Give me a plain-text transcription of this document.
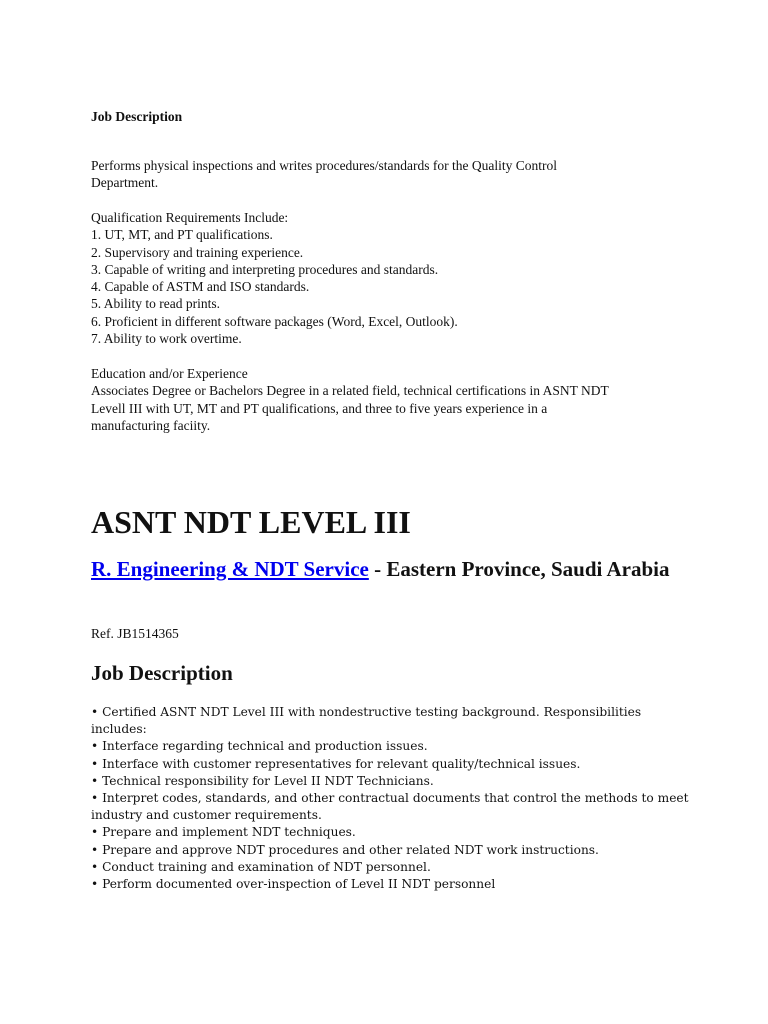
Job Description
Performs physical inspections and writes procedures/standards for the Quality Control
Department.
Qualification Requirements Include:
1. UT, MT, and PT qualifications.
2. Supervisory and training experience.
3. Capable of writing and interpreting procedures and standards.
4. Capable of ASTM and ISO standards.
5. Ability to read prints.
6. Proficient in different software packages (Word, Excel, Outlook).
7. Ability to work overtime.
Education and/or Experience
Associates Degree or Bachelors Degree in a related field, technical certifications in ASNT NDT
Levell III with UT, MT and PT qualifications, and three to five years experience in a
manufacturing faciity.
ASNT NDT LEVEL III
R. Engineering & NDT Service - Eastern Province, Saudi Arabia
Ref. JB1514365
Job Description
• Certified ASNT NDT Level III with nondestructive testing background. Responsibilities
includes:
• Interface regarding technical and production issues.
• Interface with customer representatives for relevant quality/technical issues.
• Technical responsibility for Level II NDT Technicians.
• Interpret codes, standards, and other contractual documents that control the methods to meet
industry and customer requirements.
• Prepare and implement NDT techniques.
• Prepare and approve NDT procedures and other related NDT work instructions.
• Conduct training and examination of NDT personnel.
• Perform documented over-inspection of Level II NDT personnel
